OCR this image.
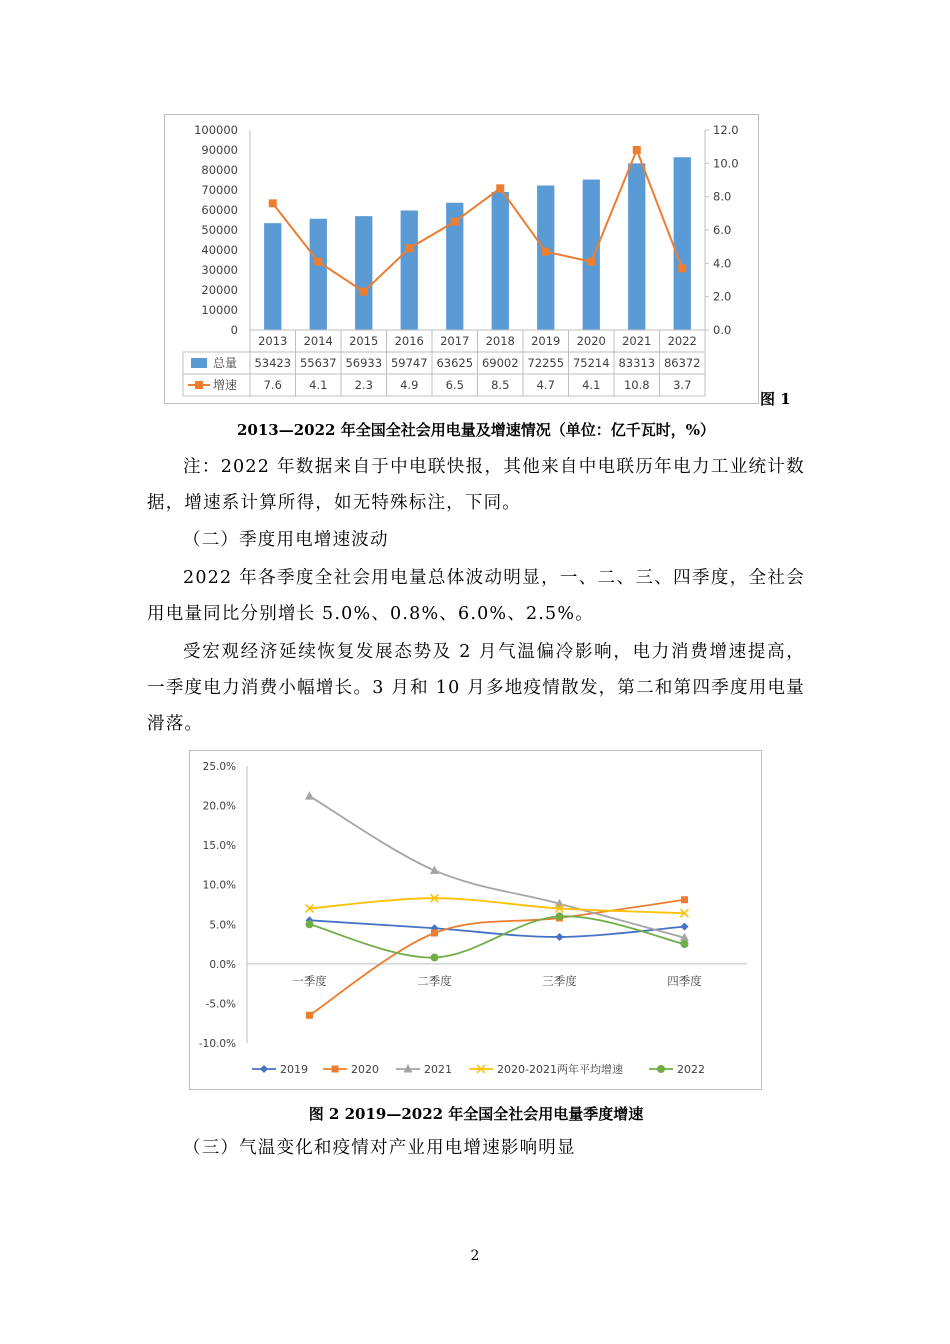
100000
90000
80000
70000
60000
50000
40000
30000
20000
10000
0
12.0
10.0
8.0
6.0
4.0
2.0
0.0
2013 2014 2015 2016 2017 2018 2019 2020 2021 2022
总量 53423 55637 56933 59747 63625 69002 72255 75214 83313 86372
增速 7.6 4.1 2.3 4.9 6.5 8.5 4.7 4.1 10.8 3.7
图 1
2013—2022 年全国全社会用电量及增速情况（单位：亿千瓦时，%）
注：2022 年数据来自于中电联快报，其他来自中电联历年电力工业统计数据，增速系计算所得，如无特殊标注，下同。
（二）季度用电增速波动
2022 年各季度全社会用电量总体波动明显，一、二、三、四季度，全社会用电量同比分别增长 5.0%、0.8%、6.0%、2.5%。
受宏观经济延续恢复发展态势及 2 月气温偏冷影响，电力消费增速提高，一季度电力消费小幅增长。3 月和 10 月多地疫情散发，第二和第四季度用电量滑落。
25.0%
20.0%
15.0%
10.0%
5.0%
0.0%
-5.0%
-10.0%
一季度	二季度	三季度	四季度
2019	2020	2021	2020-2021两年平均增速	2022
图 2 2019—2022 年全国全社会用电量季度增速
（三）气温变化和疫情对产业用电增速影响明显
2
